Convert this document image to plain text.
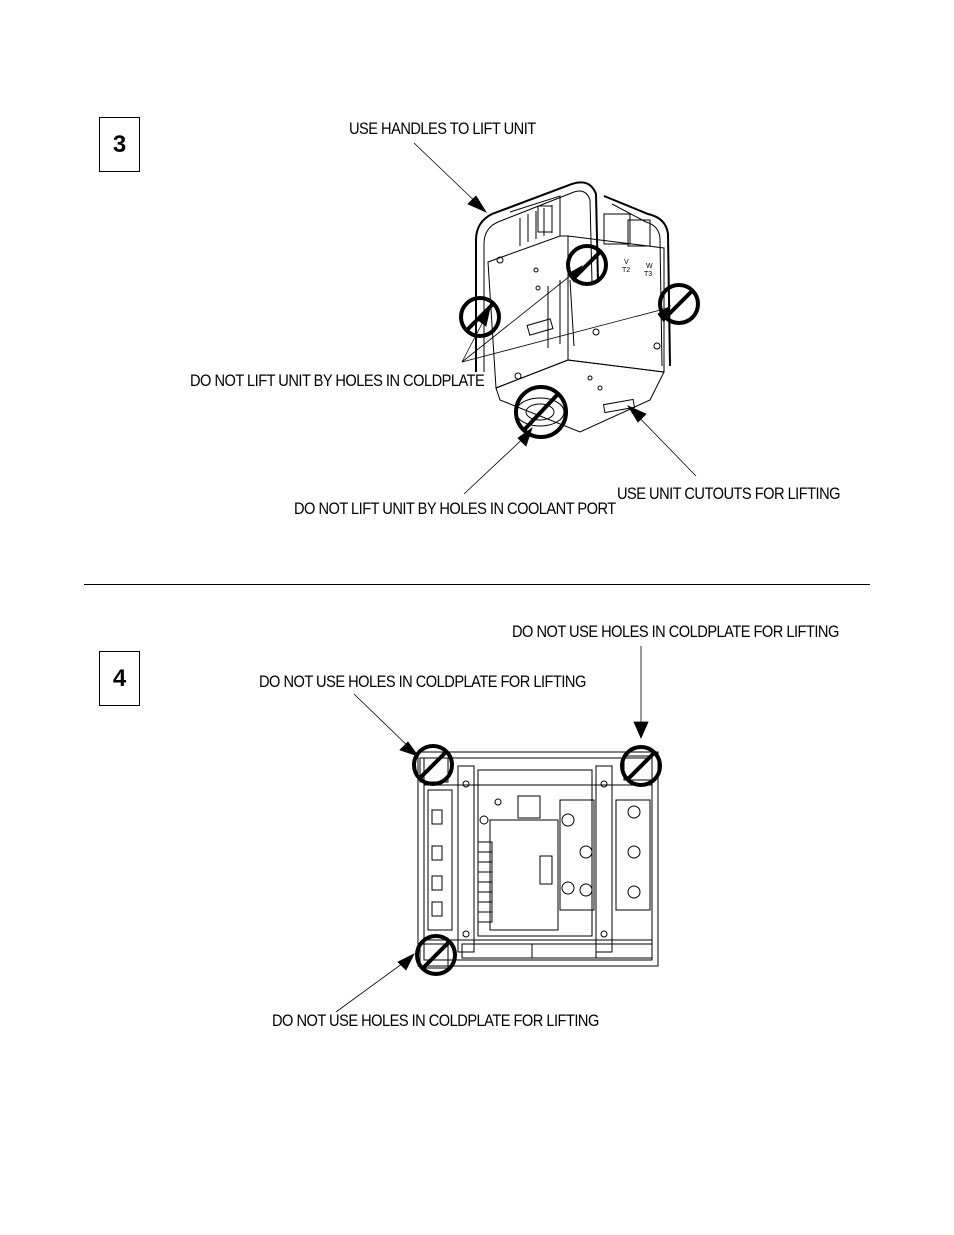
3
4
USE HANDLES TO LIFT UNIT
DO NOT LIFT UNIT BY HOLES IN COLDPLATE
DO NOT LIFT UNIT BY HOLES IN COOLANT PORT
USE UNIT CUTOUTS FOR LIFTING
DO NOT USE HOLES IN COLDPLATE FOR LIFTING
DO NOT USE HOLES IN COLDPLATE FOR LIFTING
DO NOT USE HOLES IN COLDPLATE FOR LIFTING
T2
T3
V
W
